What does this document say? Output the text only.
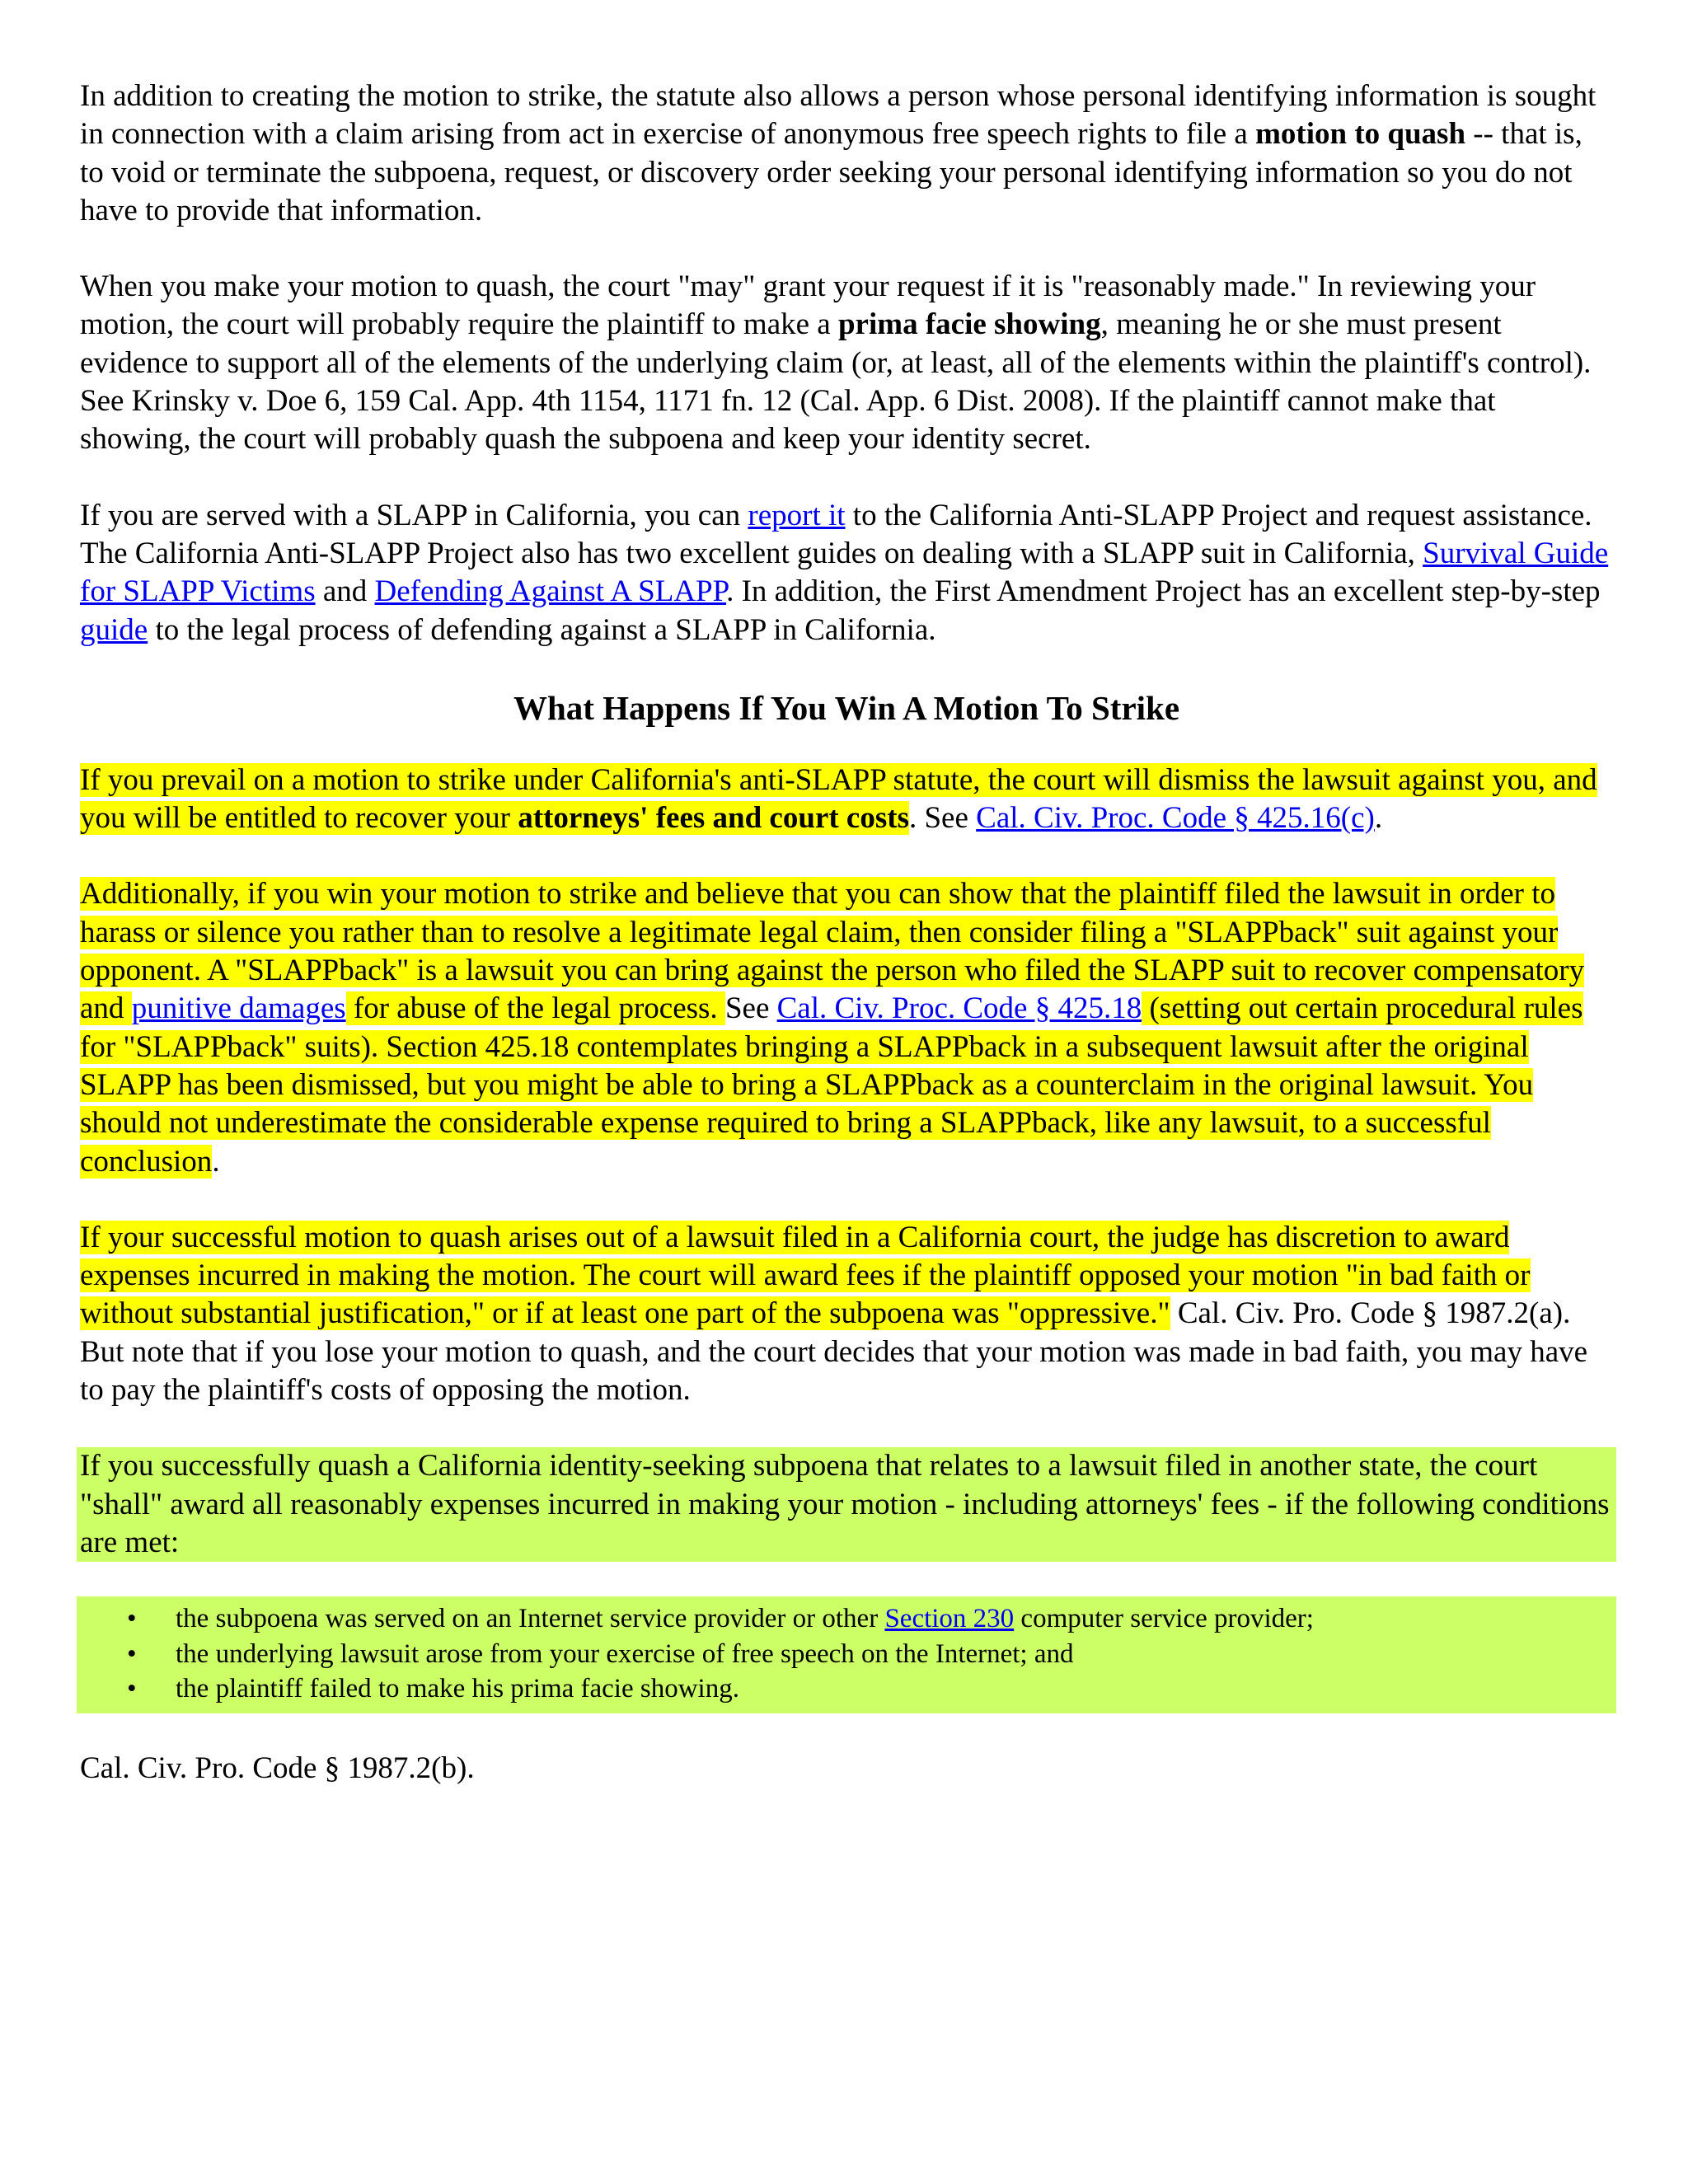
In addition to creating the motion to strike, the statute also allows a person whose personal identifying information is sought in connection with a claim arising from act in exercise of anonymous free speech rights to file a motion to quash -- that is, to void or terminate the subpoena, request, or discovery order seeking your personal identifying information so you do not have to provide that information.

When you make your motion to quash, the court "may" grant your request if it is "reasonably made." In reviewing your motion, the court will probably require the plaintiff to make a prima facie showing, meaning he or she must present evidence to support all of the elements of the underlying claim (or, at least, all of the elements within the plaintiff's control). See Krinsky v. Doe 6, 159 Cal. App. 4th 1154, 1171 fn. 12 (Cal. App. 6 Dist. 2008). If the plaintiff cannot make that showing, the court will probably quash the subpoena and keep your identity secret.

If you are served with a SLAPP in California, you can report it to the California Anti-SLAPP Project and request assistance. The California Anti-SLAPP Project also has two excellent guides on dealing with a SLAPP suit in California, Survival Guide for SLAPP Victims and Defending Against A SLAPP. In addition, the First Amendment Project has an excellent step-by-step guide to the legal process of defending against a SLAPP in California.

What Happens If You Win A Motion To Strike

If you prevail on a motion to strike under California's anti-SLAPP statute, the court will dismiss the lawsuit against you, and you will be entitled to recover your attorneys' fees and court costs. See Cal. Civ. Proc. Code § 425.16(c).

Additionally, if you win your motion to strike and believe that you can show that the plaintiff filed the lawsuit in order to harass or silence you rather than to resolve a legitimate legal claim, then consider filing a "SLAPPback" suit against your opponent. A "SLAPPback" is a lawsuit you can bring against the person who filed the SLAPP suit to recover compensatory and punitive damages for abuse of the legal process. See Cal. Civ. Proc. Code § 425.18 (setting out certain procedural rules for "SLAPPback" suits). Section 425.18 contemplates bringing a SLAPPback in a subsequent lawsuit after the original SLAPP has been dismissed, but you might be able to bring a SLAPPback as a counterclaim in the original lawsuit. You should not underestimate the considerable expense required to bring a SLAPPback, like any lawsuit, to a successful conclusion.

If your successful motion to quash arises out of a lawsuit filed in a California court, the judge has discretion to award expenses incurred in making the motion. The court will award fees if the plaintiff opposed your motion "in bad faith or without substantial justification," or if at least one part of the subpoena was "oppressive." Cal. Civ. Pro. Code § 1987.2(a). But note that if you lose your motion to quash, and the court decides that your motion was made in bad faith, you may have to pay the plaintiff's costs of opposing the motion.

If you successfully quash a California identity-seeking subpoena that relates to a lawsuit filed in another state, the court "shall" award all reasonably expenses incurred in making your motion - including attorneys' fees - if the following conditions are met:

• the subpoena was served on an Internet service provider or other Section 230 computer service provider;
• the underlying lawsuit arose from your exercise of free speech on the Internet; and
• the plaintiff failed to make his prima facie showing.

Cal. Civ. Pro. Code § 1987.2(b).
